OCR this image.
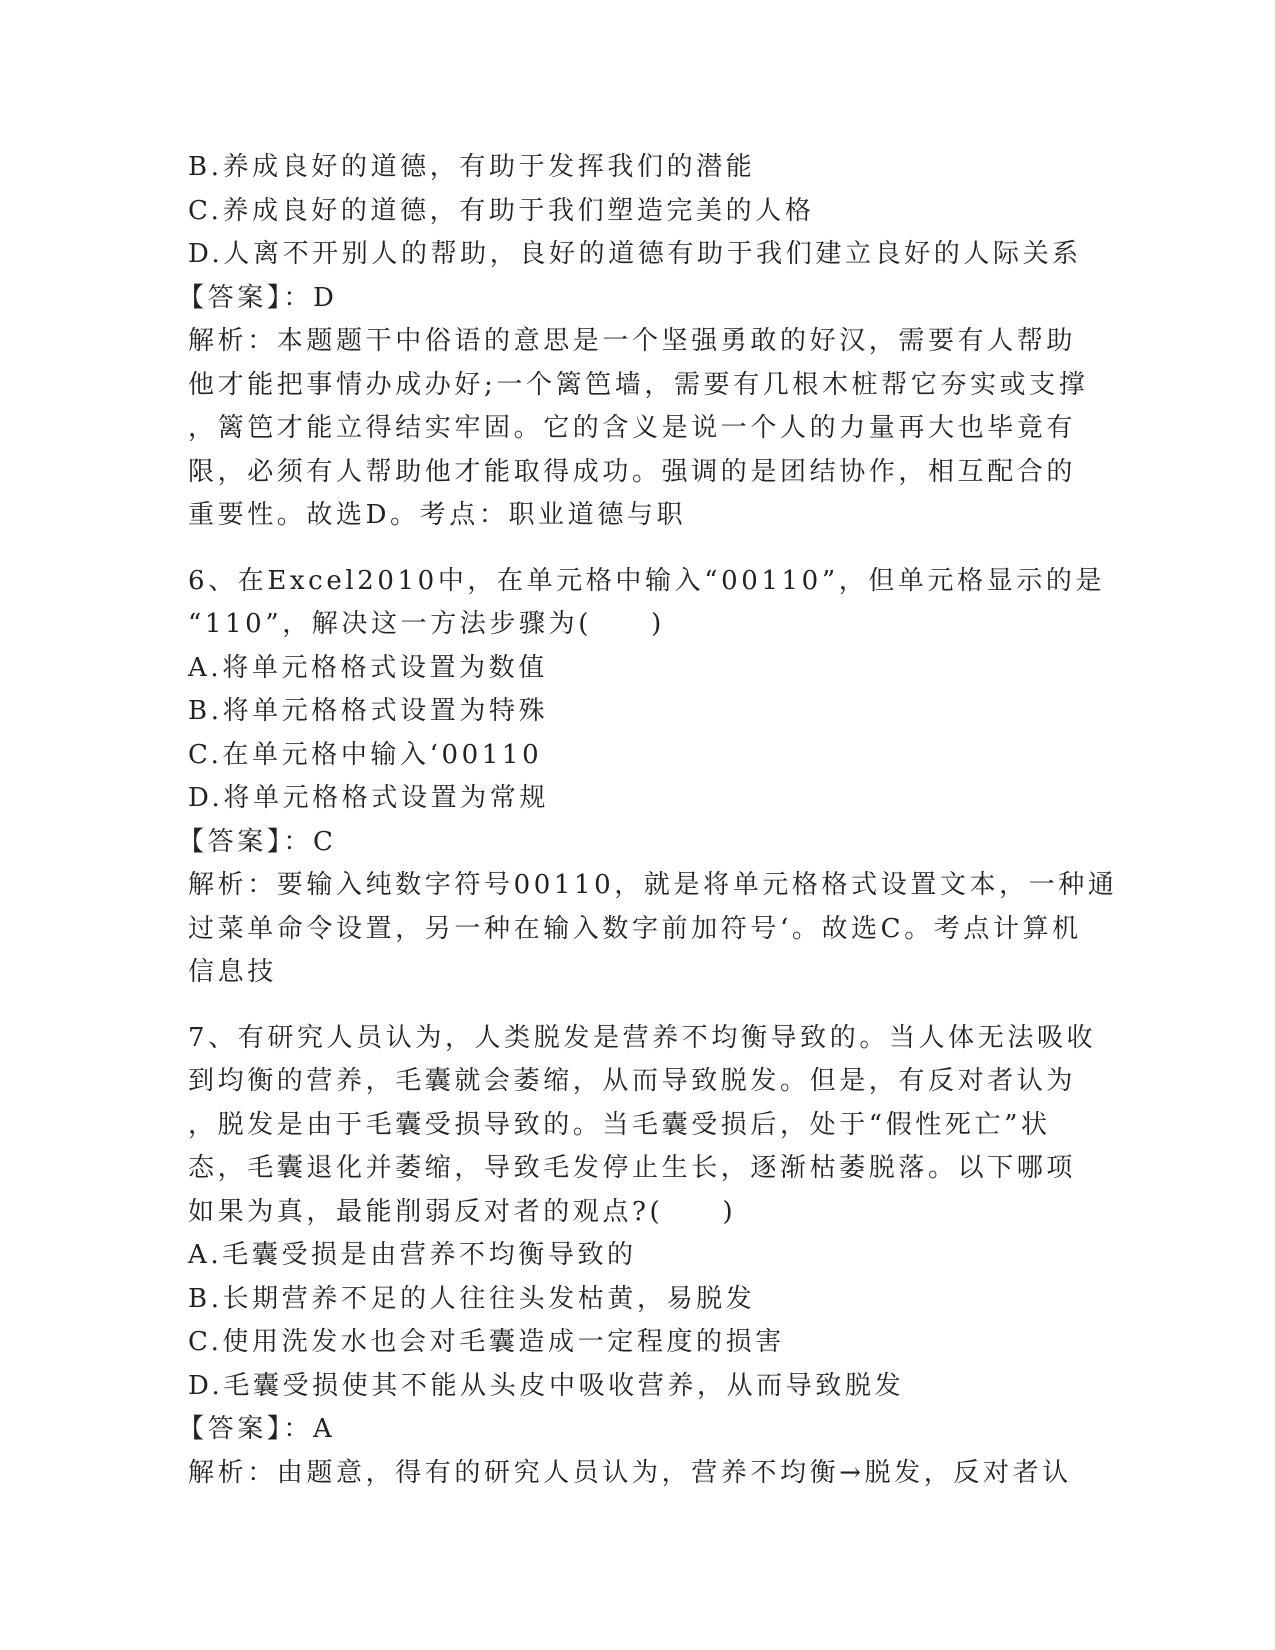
B.养成良好的道德，有助于发挥我们的潜能
C.养成良好的道德，有助于我们塑造完美的人格
D.人离不开别人的帮助，良好的道德有助于我们建立良好的人际关系
【答案】：D
解析：本题题干中俗语的意思是一个坚强勇敢的好汉，需要有人帮助
他才能把事情办成办好;一个篱笆墙，需要有几根木桩帮它夯实或支撑
，篱笆才能立得结实牢固。它的含义是说一个人的力量再大也毕竟有
限，必须有人帮助他才能取得成功。强调的是团结协作，相互配合的
重要性。故选D。考点：职业道德与职
6、在Excel2010中，在单元格中输入“00110”，但单元格显示的是
“110”，解决这一方法步骤为(　　)
A.将单元格格式设置为数值
B.将单元格格式设置为特殊
C.在单元格中输入‘00110
D.将单元格格式设置为常规
【答案】：C
解析：要输入纯数字符号00110，就是将单元格格式设置文本，一种通
过菜单命令设置，另一种在输入数字前加符号‘。故选C。考点计算机
信息技
7、有研究人员认为，人类脱发是营养不均衡导致的。当人体无法吸收
到均衡的营养，毛囊就会萎缩，从而导致脱发。但是，有反对者认为
，脱发是由于毛囊受损导致的。当毛囊受损后，处于“假性死亡”状
态，毛囊退化并萎缩，导致毛发停止生长，逐渐枯萎脱落。以下哪项
如果为真，最能削弱反对者的观点?(　　)
A.毛囊受损是由营养不均衡导致的
B.长期营养不足的人往往头发枯黄，易脱发
C.使用洗发水也会对毛囊造成一定程度的损害
D.毛囊受损使其不能从头皮中吸收营养，从而导致脱发
【答案】：A
解析：由题意，得有的研究人员认为，营养不均衡→脱发，反对者认
